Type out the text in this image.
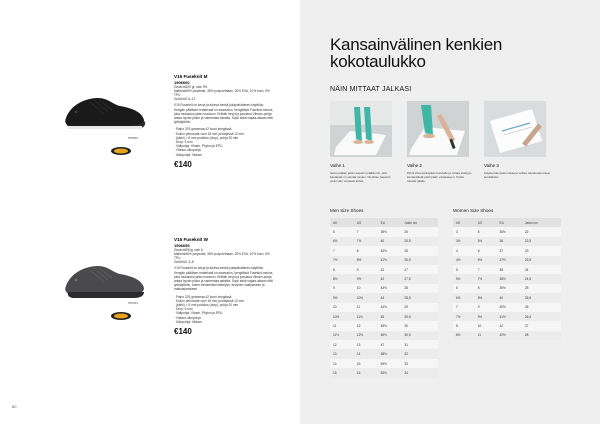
555892
V15 Fuseknit M
1906660
Gewicht329 gr. size 9½
Material45% polyester, 35% polyurethaan, 20% EVA, 10% burn, 5% TPU
GrößeUK 6–12
V15 Fuseknit on kevyt ja tukeva kenkä jokapäiväiseen käyttöön. Kengän päällisen materiaali on saumaton, hengittävä Fuseknit-neulos, joka mukautuu jalan muotoon. Erittäin kevyt ja joustava Vibram-pohja antaa hyvän pidon ja vaimentaa askelta. Sopii sekä vapaa-aikaan että työkäyttöön.
· Paino 376 grammaa 42 koon kengässä
· Kuilun pehmuste noin 18 mm ja kärjessä 12 mm
· (kärki) = 6 mm pudotus (drop), pohja 20 mm
· Drop: 6 mm
· Välipohja: Vfoam, Phylon ja EPU
· Vibram-ulkopohja
· Ulkopohja: Vibram
€140
555093
V15 Fuseknit W
1906659
Gewicht294g. size 6
Material45% polyester, 35% polyurethaan, 20% EVA, 10% burn, 5% TPU
GrößeUK 3–8
V15 Fuseknit on kevyt ja tukeva kenkä jokapäiväiseen käyttöön. Kengän päällisen materiaali on saumaton, hengittävä Fuseknit-neulos, joka mukautuu jalan muotoon. Erittäin kevyt ja joustava Vibram-pohja antaa hyvän pidon ja vaimentaa askelta. Sopii sekä vapaa-aikaan että työkäyttöön, kuten esimerkiksi kävelyyn, kevyeen vaellukseen ja matkustamiseen.
· Paino 376 grammaa 42 koon kengässä
· Kuilun pehmuste noin 18 mm ja kärjessä 12 mm
· (kärki) = 6 mm pudotus (drop), pohja 20 mm
· Drop: 6 mm
· Välipohja: Vfoam, Phylon ja EPU
· Vibram-ulkopohja
· Ulkopohja: Vibram
€140
60
Kansainvälinen kenkien kokotaulukko
NÄIN MITTAAT JALKASI
Vaihe 1	Vaihe 2	Vaihe 3
Seiso paljain jaloin paperin päällä niin, että kantapää on seinää vasten. Merkitse paperiin pisimmän varpaasi kohta.
Piirrä viiva kantapään kohdalle ja mittaa etäisyys kantapäästä pisimpään varpaaseen. Toista toiselle jalalle.
Käytä pidempää mittaa ja valitse taulukosta oikea kenkäkoko.
Men Size Shoes	Women Size Shoes
UK	US	EU	Jalan cm
6	7	39½	25
6½	7½	40	25,5
7	8	40½	26
7½	8½	41½	26,5
8	9	42	27
8½	9½	42	27,5
9	10	43½	28
9½	10½	44	28,5
10	11	44½	29
10½	11½	45	29,5
11	12	45½	30
11½	12½	46½	30,5
12	13	47	31
13	14	48½	32
14	15	49½	33
15	16	50½	34
UK	US	EU	Jalan cm
3	5	35½	22
3½	5½	36	22,5
4	6	37	23
4½	6½	37½	23,5
5	7	38	24
5½	7½	38½	24,5
6	8	39½	25
6½	8½	40	25,5
7	9	40½	26
7½	9½	41½	26,5
8	10	42	27
8½	11	42½	28
